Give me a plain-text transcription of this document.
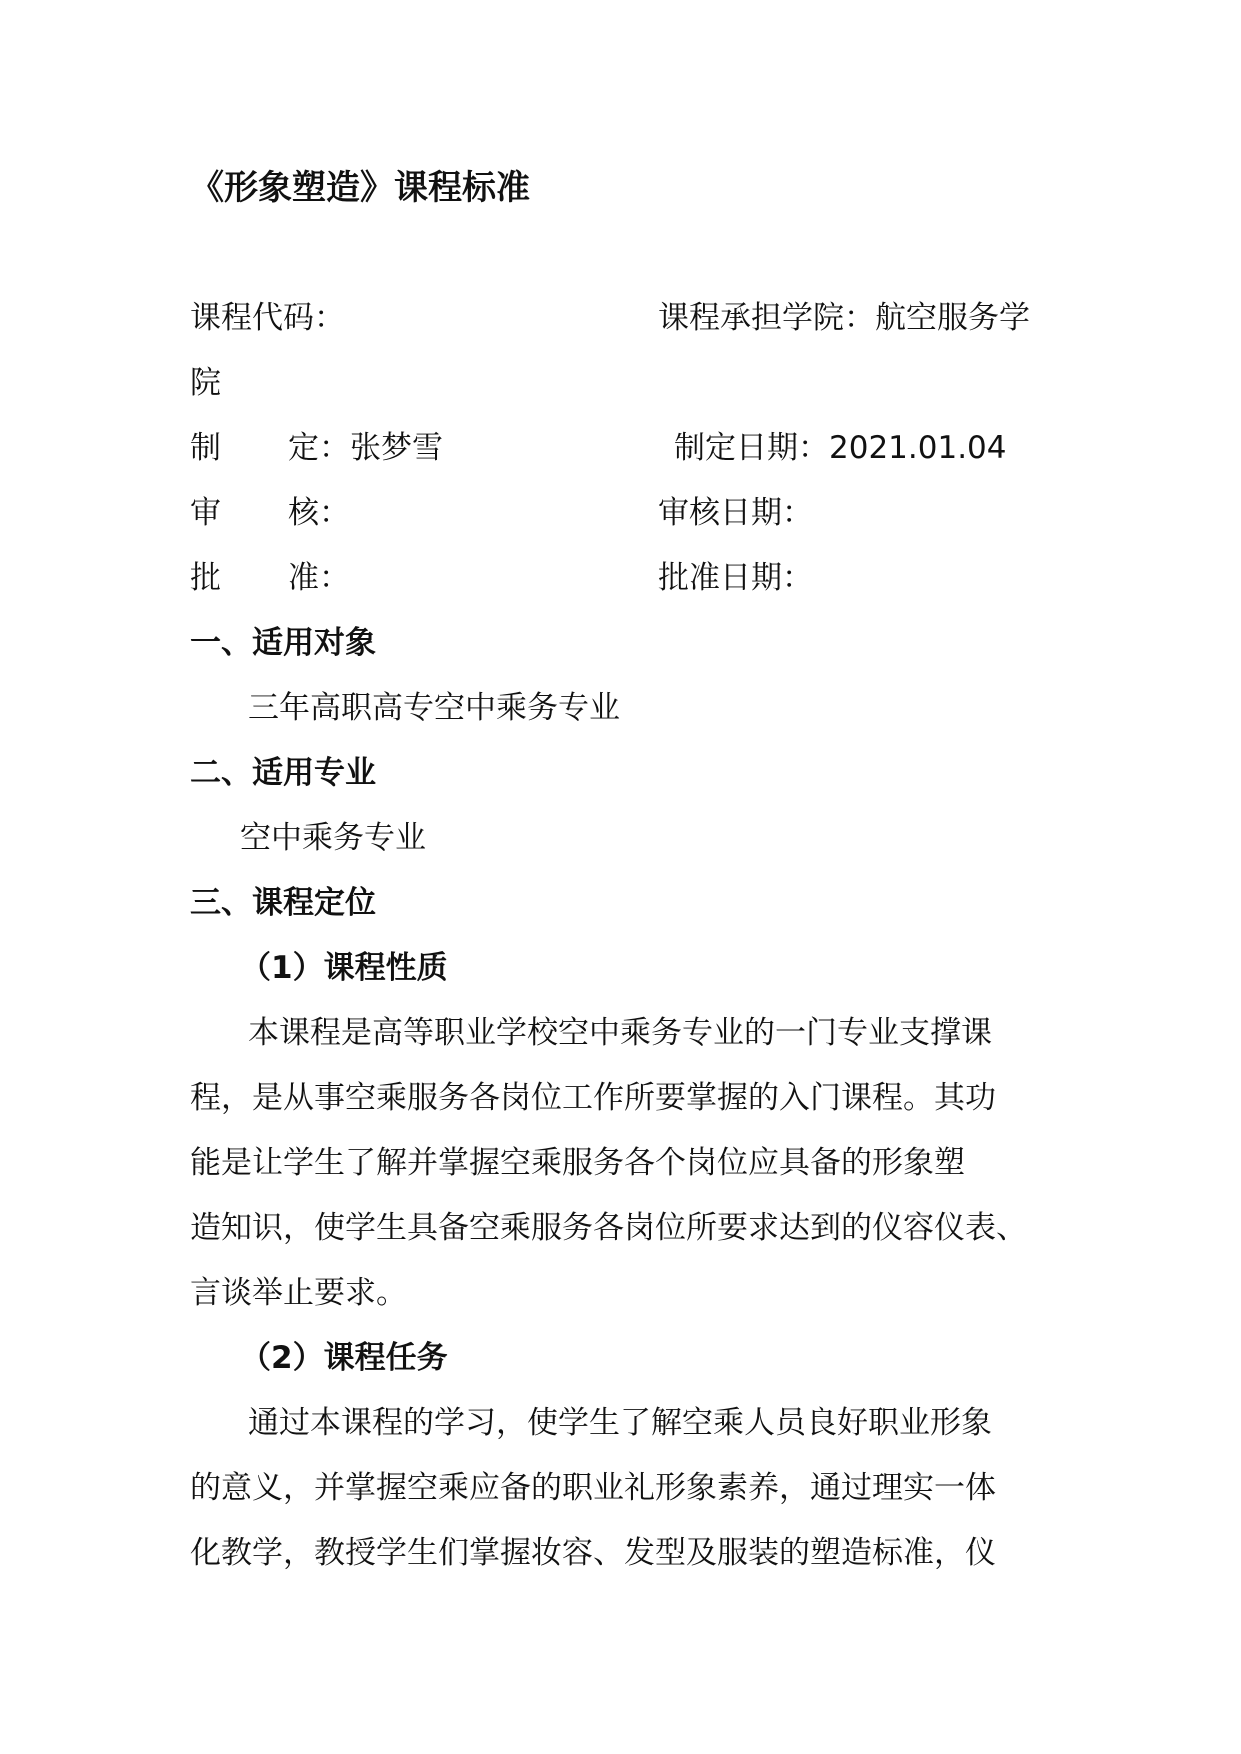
《形象塑造》课程标准
课程代码：	课程承担学院：航空服务学
院
制 定：张梦雪	制定日期：2021.01.04
审 核：	审核日期：
批 准：	批准日期：
一、适用对象
三年高职高专空中乘务专业
二、适用专业
空中乘务专业
三、课程定位
（1）课程性质
本课程是高等职业学校空中乘务专业的一门专业支撑课
程，是从事空乘服务各岗位工作所要掌握的入门课程。其功
能是让学生了解并掌握空乘服务各个岗位应具备的形象塑
造知识，使学生具备空乘服务各岗位所要求达到的仪容仪表、
言谈举止要求。
（2）课程任务
通过本课程的学习，使学生了解空乘人员良好职业形象
的意义，并掌握空乘应备的职业礼形象素养，通过理实一体
化教学，教授学生们掌握妆容、发型及服装的塑造标准，仪
